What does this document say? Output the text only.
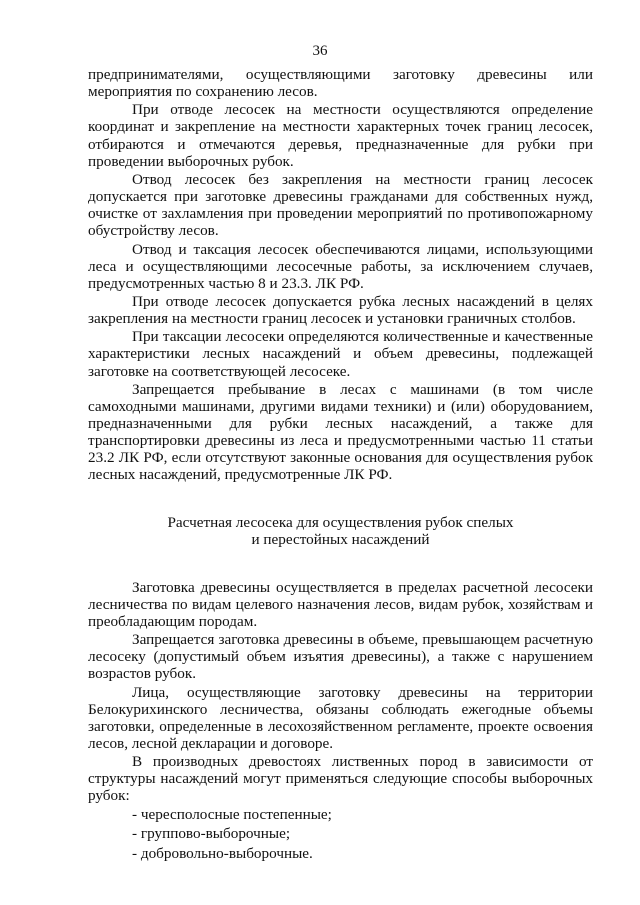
36

предпринимателями, осуществляющими заготовку древесины или мероприятия по сохранению лесов.

При отводе лесосек на местности осуществляются определение координат и закрепление на местности характерных точек границ лесосек, отбираются и отмечаются деревья, предназначенные для рубки при проведении выборочных рубок.

Отвод лесосек без закрепления на местности границ лесосек допускается при заготовке древесины гражданами для собственных нужд, очистке от захламления при проведении мероприятий по противопожарному обустройству лесов.

Отвод и таксация лесосек обеспечиваются лицами, использующими леса и осуществляющими лесосечные работы, за исключением случаев, предусмотренных частью 8 и 23.3. ЛК РФ.

При отводе лесосек допускается рубка лесных насаждений в целях закрепления на местности границ лесосек и установки граничных столбов.

При таксации лесосеки определяются количественные и качественные характеристики лесных насаждений и объем древесины, подлежащей заготовке на соответствующей лесосеке.

Запрещается пребывание в лесах с машинами (в том числе самоходными машинами, другими видами техники) и (или) оборудованием, предназначенными для рубки лесных насаждений, а также для транспортировки древесины из леса и предусмотренными частью 11 статьи 23.2 ЛК РФ, если отсутствуют законные основания для осуществления рубок лесных насаждений, предусмотренные ЛК РФ.

Расчетная лесосека для осуществления рубок спелых
и перестойных насаждений

Заготовка древесины осуществляется в пределах расчетной лесосеки лесничества по видам целевого назначения лесов, видам рубок, хозяйствам и преобладающим породам.

Запрещается заготовка древесины в объеме, превышающем расчетную лесосеку (допустимый объем изъятия древесины), а также с нарушением возрастов рубок.

Лица, осуществляющие заготовку древесины на территории Белокурихинского лесничества, обязаны соблюдать ежегодные объемы заготовки, определенные в лесохозяйственном регламенте, проекте освоения лесов, лесной декларации и договоре.

В производных древостоях лиственных пород в зависимости от структуры насаждений могут применяться следующие способы выборочных рубок:

- чересполосные постепенные;
- группово-выборочные;
- добровольно-выборочные.
